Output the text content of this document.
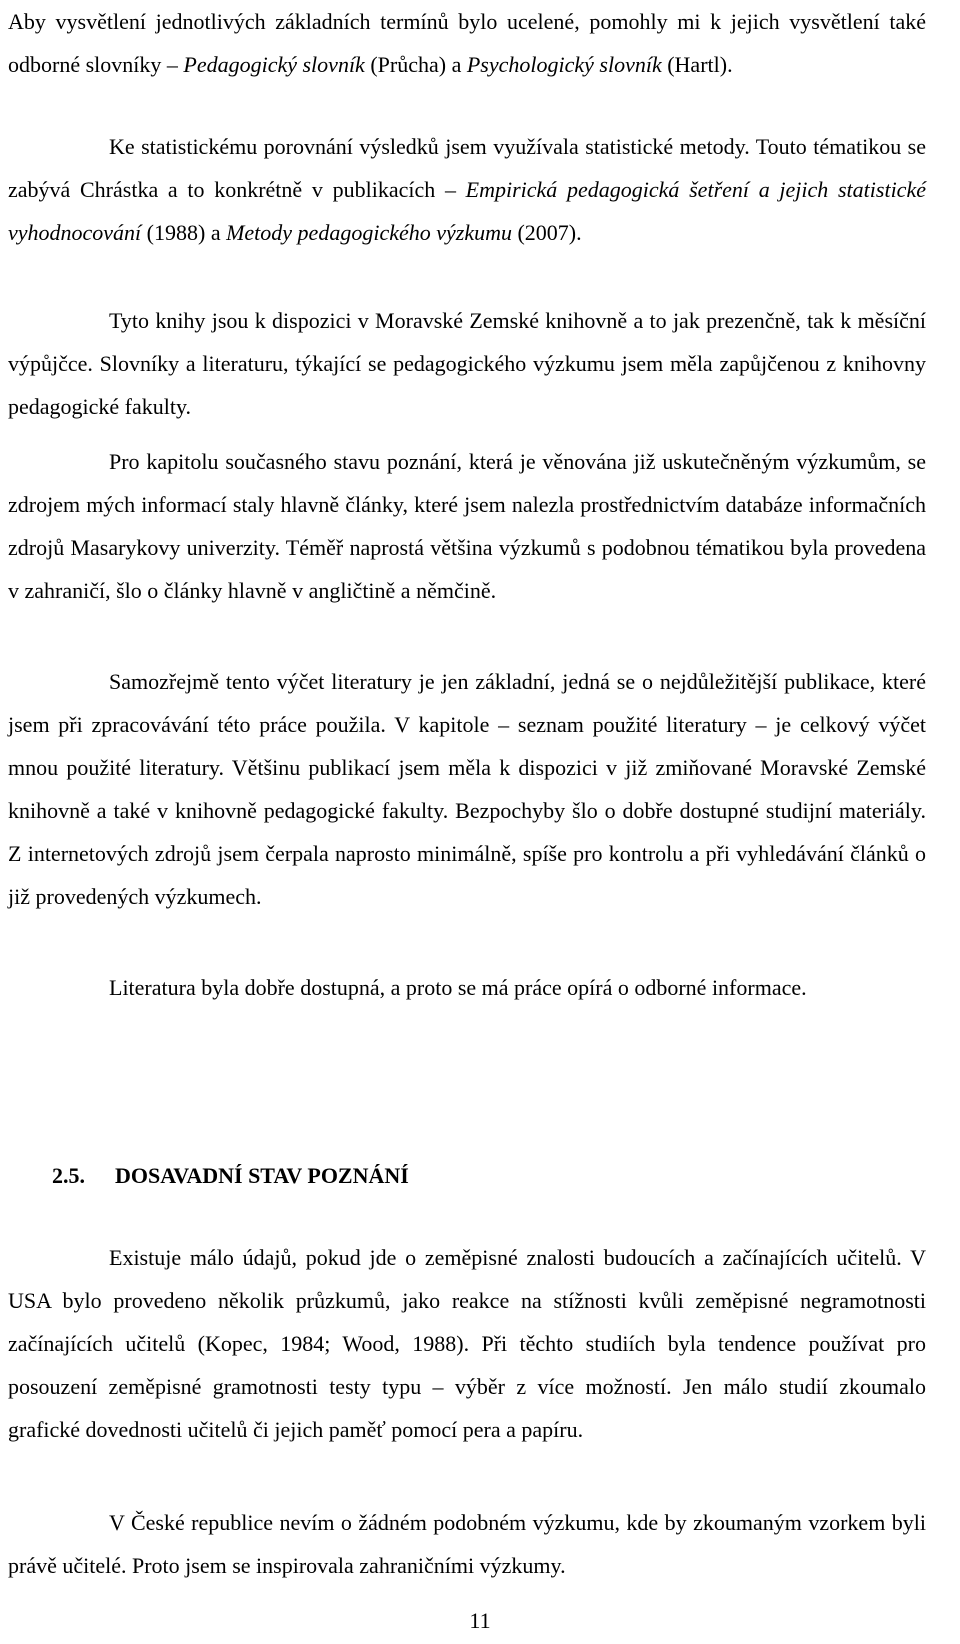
Aby vysvětlení jednotlivých základních termínů bylo ucelené, pomohly mi k jejich vysvětlení také odborné slovníky – Pedagogický slovník (Průcha) a Psychologický slovník (Hartl).

Ke statistickému porovnání výsledků jsem využívala statistické metody. Touto tématikou se zabývá Chrástka a to konkrétně v publikacích – Empirická pedagogická šetření a jejich statistické vyhodnocování (1988) a Metody pedagogického výzkumu (2007).

Tyto knihy jsou k dispozici v Moravské Zemské knihovně a to jak prezenčně, tak k měsíční výpůjčce. Slovníky a literaturu, týkající se pedagogického výzkumu jsem měla zapůjčenou z knihovny pedagogické fakulty.

Pro kapitolu současného stavu poznání, která je věnována již uskutečněným výzkumům, se zdrojem mých informací staly hlavně články, které jsem nalezla prostřednictvím databáze informačních zdrojů Masarykovy univerzity. Téměř naprostá většina výzkumů s podobnou tématikou byla provedena v zahraničí, šlo o články hlavně v angličtině a němčině.

Samozřejmě tento výčet literatury je jen základní, jedná se o nejdůležitější publikace, které jsem při zpracovávání této práce použila. V kapitole – seznam použité literatury – je celkový výčet mnou použité literatury. Většinu publikací jsem měla k dispozici v již zmiňované Moravské Zemské knihovně a také v knihovně pedagogické fakulty. Bezpochyby šlo o dobře dostupné studijní materiály. Z internetových zdrojů jsem čerpala naprosto minimálně, spíše pro kontrolu a při vyhledávání článků o již provedených výzkumech.

Literatura byla dobře dostupná, a proto se má práce opírá o odborné informace.

2.5. DOSAVADNÍ STAV POZNÁNÍ

Existuje málo údajů, pokud jde o zeměpisné znalosti budoucích a začínajících učitelů. V USA bylo provedeno několik průzkumů, jako reakce na stížnosti kvůli zeměpisné negramotnosti začínajících učitelů (Kopec, 1984; Wood, 1988). Při těchto studiích byla tendence používat pro posouzení zeměpisné gramotnosti testy typu – výběr z více možností. Jen málo studií zkoumalo grafické dovednosti učitelů či jejich paměť pomocí pera a papíru.

V České republice nevím o žádném podobném výzkumu, kde by zkoumaným vzorkem byli právě učitelé. Proto jsem se inspirovala zahraničními výzkumy.

11
